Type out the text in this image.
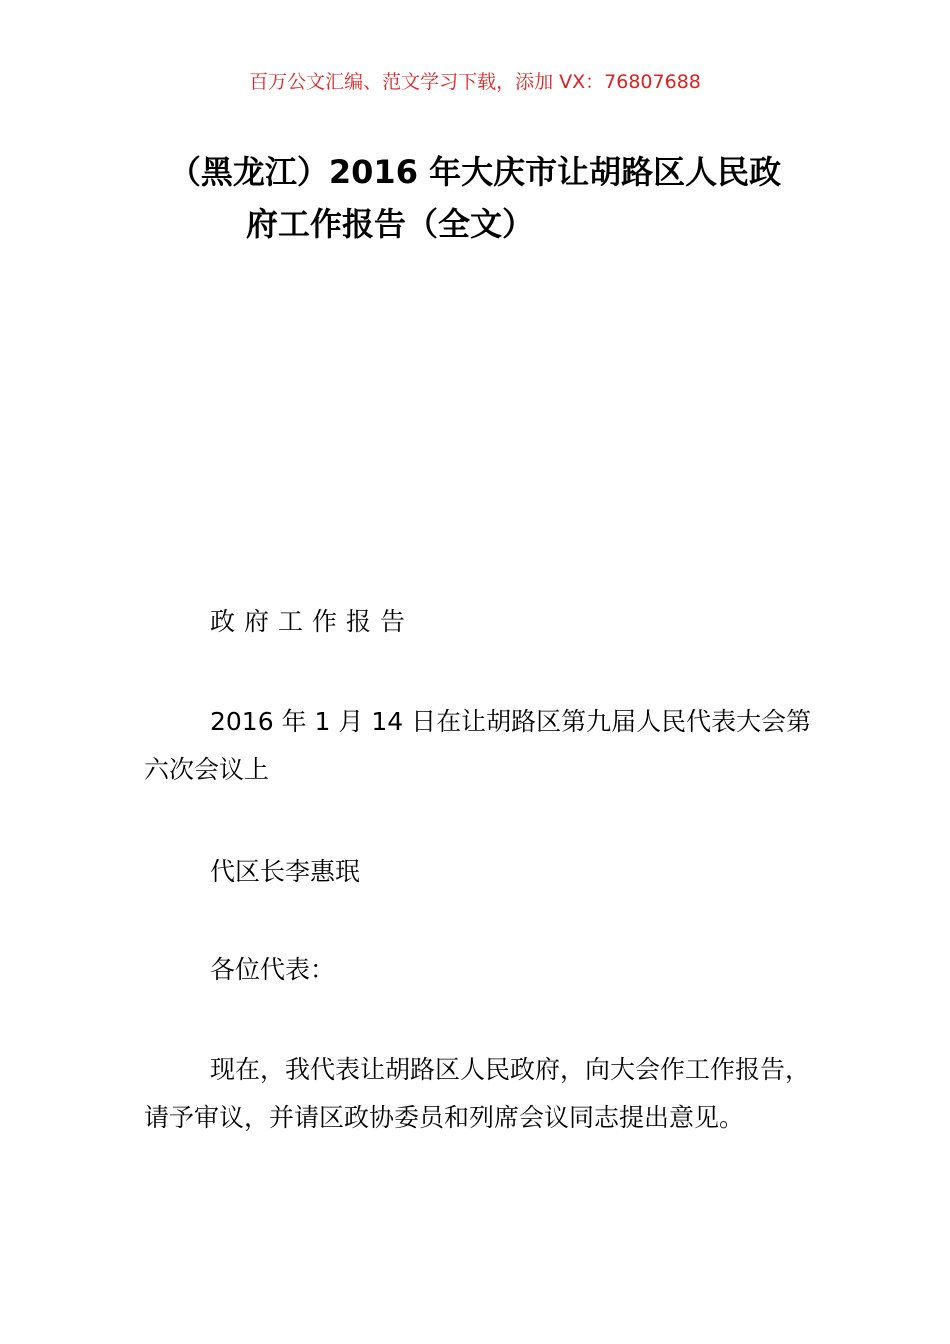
百万公文汇编、范文学习下载，添加 VX：76807688
（黑龙江）2016 年大庆市让胡路区人民政
府工作报告（全文）
政府工作报告
2016 年 1 月 14 日在让胡路区第九届人民代表大会第六次会议上
代区长李惠珉
各位代表：
现在，我代表让胡路区人民政府，向大会作工作报告，请予审议，并请区政协委员和列席会议同志提出意见。
